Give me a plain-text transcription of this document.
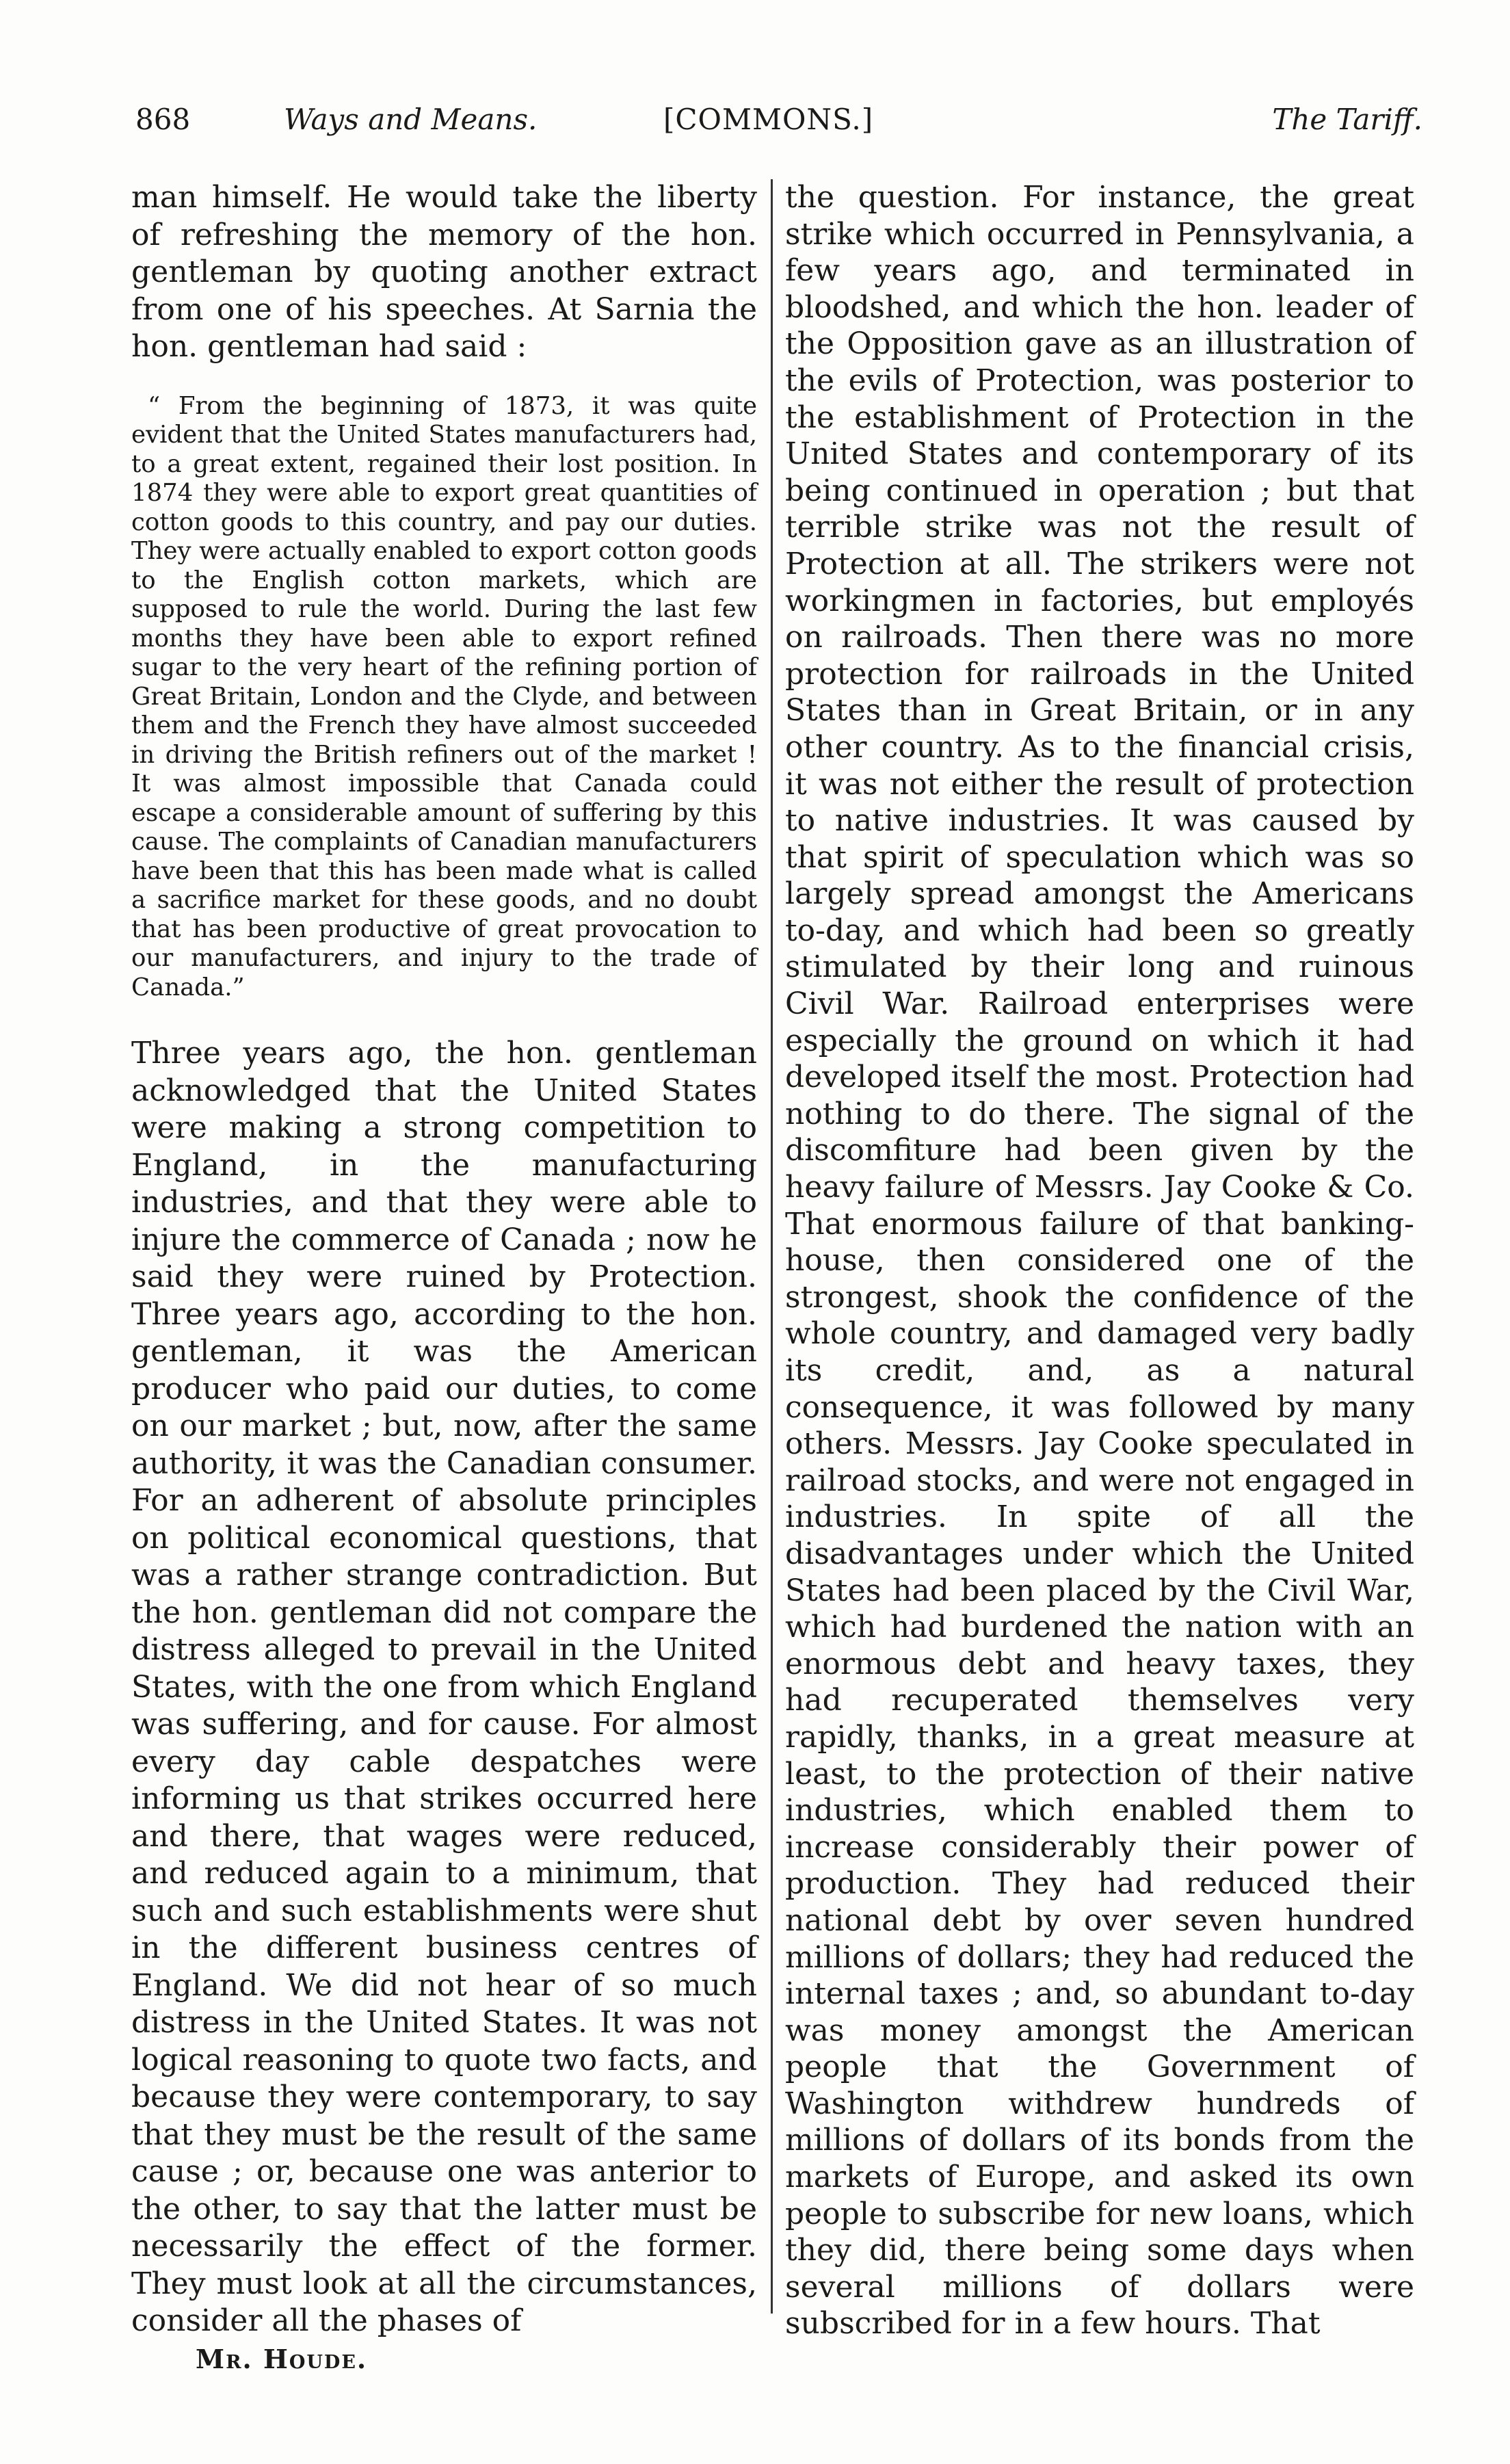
868	Ways and Means.	[COMMONS.]	The Tariff.

man himself. He would take the liberty of refreshing the memory of the hon. gentleman by quoting another extract from one of his speeches. At Sarnia the hon. gentleman had said :

“ From the beginning of 1873, it was quite evident that the United States manufacturers had, to a great extent, regained their lost position. In 1874 they were able to export great quantities of cotton goods to this country, and pay our duties. They were actually enabled to export cotton goods to the English cotton markets, which are supposed to rule the world. During the last few months they have been able to export refined sugar to the very heart of the refining portion of Great Britain, London and the Clyde, and between them and the French they have almost succeeded in driving the British refiners out of the market ! It was almost impossible that Canada could escape a considerable amount of suffering by this cause. The complaints of Canadian manufacturers have been that this has been made what is called a sacrifice market for these goods, and no doubt that has been productive of great provocation to our manufacturers, and injury to the trade of Canada.”

Three years ago, the hon. gentleman acknowledged that the United States were making a strong competition to England, in the manufacturing industries, and that they were able to injure the commerce of Canada ; now he said they were ruined by Protection. Three years ago, according to the hon. gentleman, it was the American producer who paid our duties, to come on our market ; but, now, after the same authority, it was the Canadian consumer. For an adherent of absolute principles on political economical questions, that was a rather strange contradiction. But the hon. gentleman did not compare the distress alleged to prevail in the United States, with the one from which England was suffering, and for cause. For almost every day cable despatches were informing us that strikes occurred here and there, that wages were reduced, and reduced again to a minimum, that such and such establishments were shut in the different business centres of England. We did not hear of so much distress in the United States. It was not logical reasoning to quote two facts, and because they were contemporary, to say that they must be the result of the same cause ; or, because one was anterior to the other, to say that the latter must be necessarily the effect of the former. They must look at all the circumstances, consider all the phases of

the question. For instance, the great strike which occurred in Pennsylvania, a few years ago, and terminated in bloodshed, and which the hon. leader of the Opposition gave as an illustration of the evils of Protection, was posterior to the establishment of Protection in the United States and contemporary of its being continued in operation ; but that terrible strike was not the result of Protection at all. The strikers were not workingmen in factories, but employés on railroads. Then there was no more protection for railroads in the United States than in Great Britain, or in any other country. As to the financial crisis, it was not either the result of protection to native industries. It was caused by that spirit of speculation which was so largely spread amongst the Americans to-day, and which had been so greatly stimulated by their long and ruinous Civil War. Railroad enterprises were especially the ground on which it had developed itself the most. Protection had nothing to do there. The signal of the discomfiture had been given by the heavy failure of Messrs. Jay Cooke & Co. That enormous failure of that banking-house, then considered one of the strongest, shook the confidence of the whole country, and damaged very badly its credit, and, as a natural consequence, it was followed by many others. Messrs. Jay Cooke speculated in railroad stocks, and were not engaged in industries. In spite of all the disadvantages under which the United States had been placed by the Civil War, which had burdened the nation with an enormous debt and heavy taxes, they had recuperated themselves very rapidly, thanks, in a great measure at least, to the protection of their native industries, which enabled them to increase considerably their power of production. They had reduced their national debt by over seven hundred millions of dollars; they had reduced the internal taxes ; and, so abundant to-day was money amongst the American people that the Government of Washington withdrew hundreds of millions of dollars of its bonds from the markets of Europe, and asked its own people to subscribe for new loans, which they did, there being some days when several millions of dollars were subscribed for in a few hours. That

Mr. Houde.
